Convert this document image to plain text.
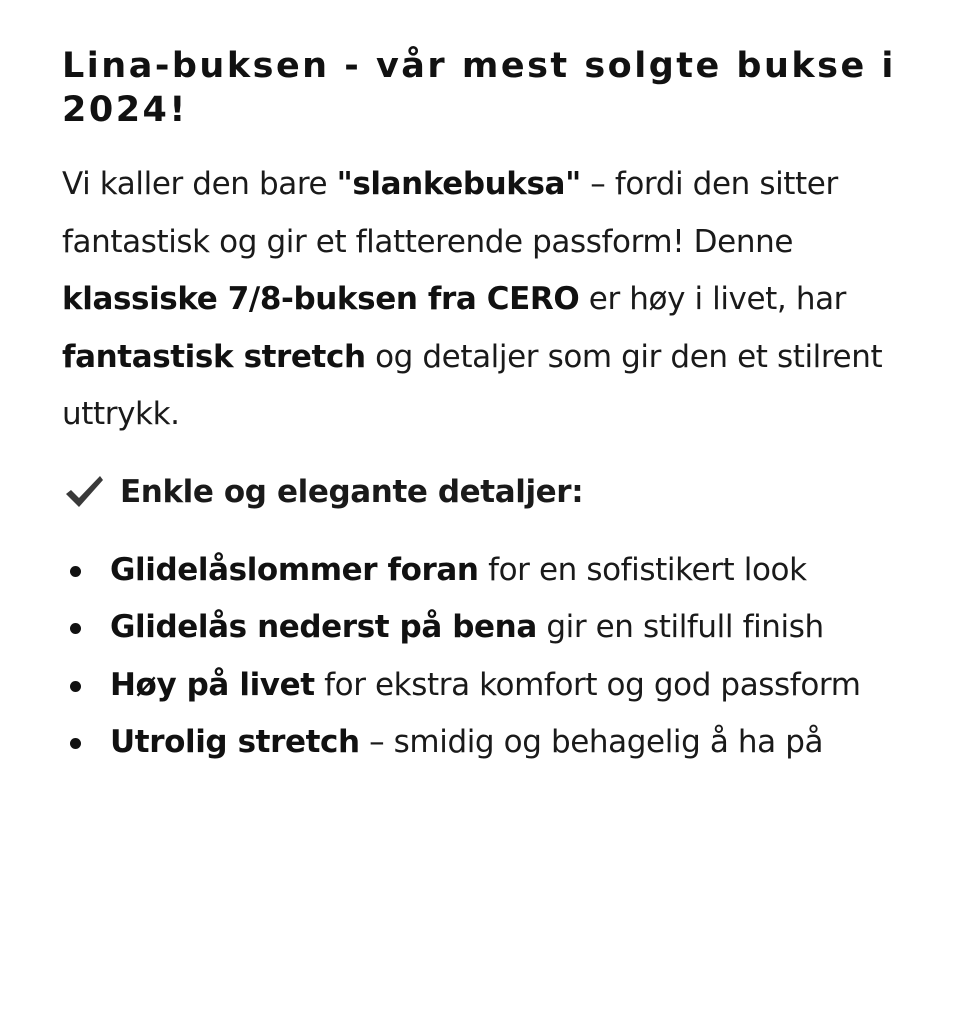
Lina-buksen - vår mest solgte bukse i 2024!

Vi kaller den bare "slankebuksa" – fordi den sitter fantastisk og gir et flatterende passform! Denne klassiske 7/8-buksen fra CERO er høy i livet, har fantastisk stretch og detaljer som gir den et stilrent uttrykk.

Enkle og elegante detaljer:
Glidelåslommer foran for en sofistikert look
Glidelås nederst på bena gir en stilfull finish
Høy på livet for ekstra komfort og god passform
Utrolig stretch – smidig og behagelig å ha på
